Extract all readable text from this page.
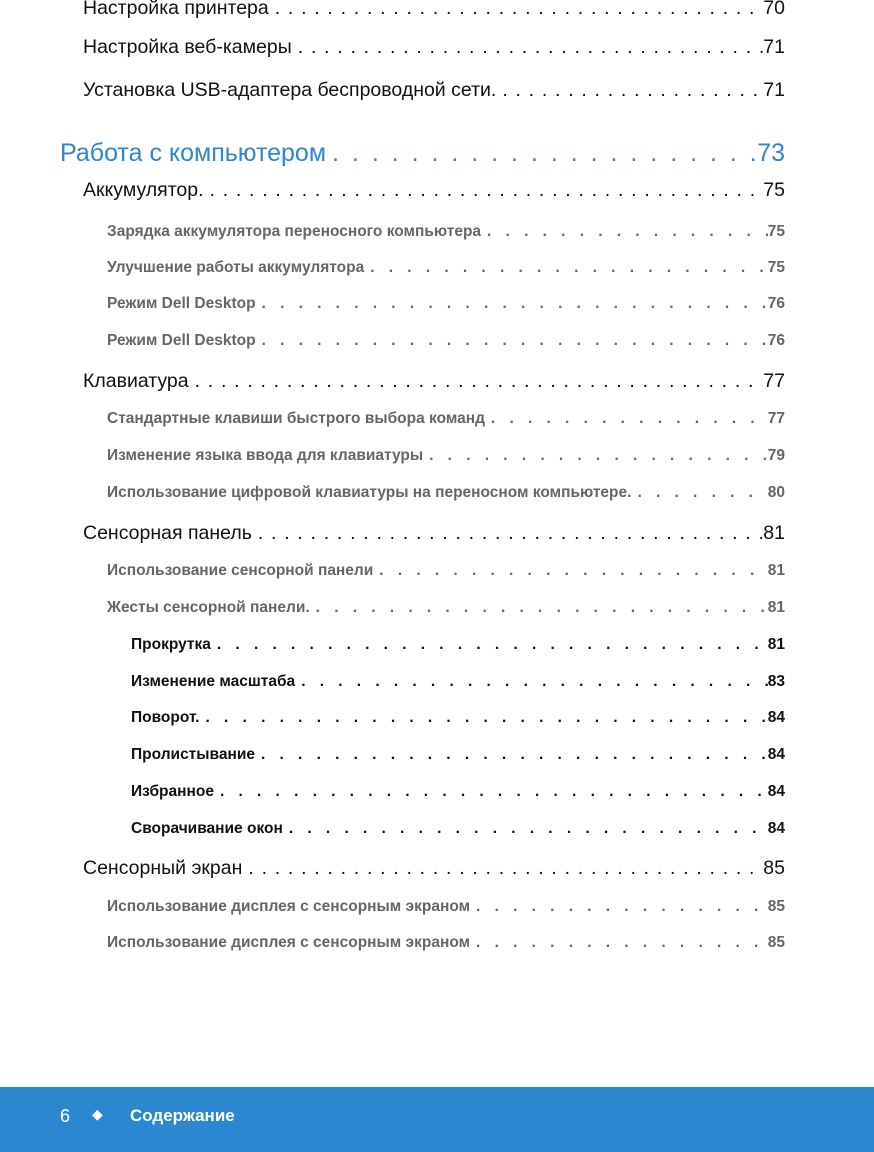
Настройка принтера . . .	70
Настройка веб-камеры . . .	71
Установка USB-адаптера беспроводной сети. . . .	71
Работа с компьютером . . .	73
Аккумулятор. . . .	75
Зарядка аккумулятора переносного компьютера . . .	75
Улучшение работы аккумулятора . . .	75
Режим Dell Desktop . . .	76
Режим Dell Desktop . . .	76
Клавиатура . . .	77
Стандартные клавиши быстрого выбора команд . . .	77
Изменение языка ввода для клавиатуры . . .	79
Использование цифровой клавиатуры на переносном компьютере. . . .	80
Сенсорная панель . . .	81
Использование сенсорной панели . . .	81
Жесты сенсорной панели. . . .	81
Прокрутка . . .	81
Изменение масштаба . . .	83
Поворот. . . .	84
Пролистывание . . .	84
Избранное . . .	84
Сворачивание окон . . .	84
Сенсорный экран . . .	85
Использование дисплея с сенсорным экраном . . .	85
Использование дисплея с сенсорным экраном . . .	85
6 ◆ Содержание
